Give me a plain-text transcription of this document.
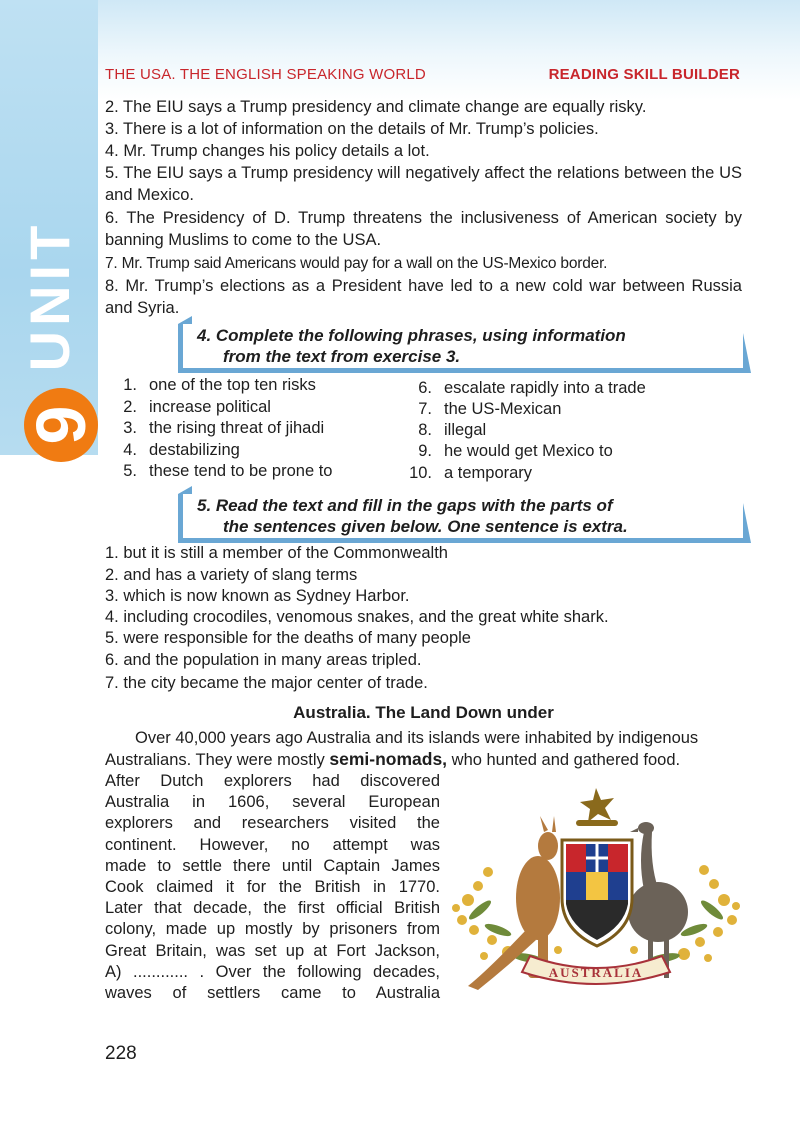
UNIT
9
THE USA. THE ENGLISH SPEAKING WORLD	READING SKILL BUILDER
2. The EIU says a Trump presidency and climate change are equally risky.
3. There is a lot of information on the details of Mr. Trump’s policies.
4. Mr. Trump changes his policy details a lot.
5. The EIU says a Trump presidency will negatively affect the relations between the US and Mexico.
6. The Presidency of D. Trump threatens the inclusiveness of American society by banning Muslims to come to the USA.
7. Mr. Trump said Americans would pay for a wall on the US-Mexico border.
8. Mr. Trump’s elections as a President have led to a new cold war between Russia and Syria.
4. Complete the following phrases, using information
from the text from exercise 3.
1. one of the top ten risks
2. increase political
3. the rising threat of jihadi
4. destabilizing
5. these tend to be prone to
6. escalate rapidly into a trade
7. the US-Mexican
8. illegal
9. he would get Mexico to
10. a temporary
5. Read the text and fill in the gaps with the parts of
the sentences given below. One sentence is extra.
1. but it is still a member of the Commonwealth
2. and has a variety of slang terms
3. which is now known as Sydney Harbor.
4. including crocodiles, venomous snakes, and the great white shark.
5. were responsible for the deaths of many people
6. and the population in many areas tripled.
7. the city became the major center of trade.
Australia. The Land Down under
Over 40,000 years ago Australia and its islands were inhabited by indigenous
Australians. They were mostly semi-nomads, who hunted and gathered food.
After Dutch explorers had discovered
Australia in 1606, several European
explorers and researchers visited the
continent. However, no attempt was
made to settle there until Captain James
Cook claimed it for the British in 1770.
Later that decade, the first official British
colony, made up mostly by prisoners from
Great Britain, was set up at Fort Jackson,
A) ............ . Over the following decades,
waves of settlers came to Australia
AUSTRALIA
228
